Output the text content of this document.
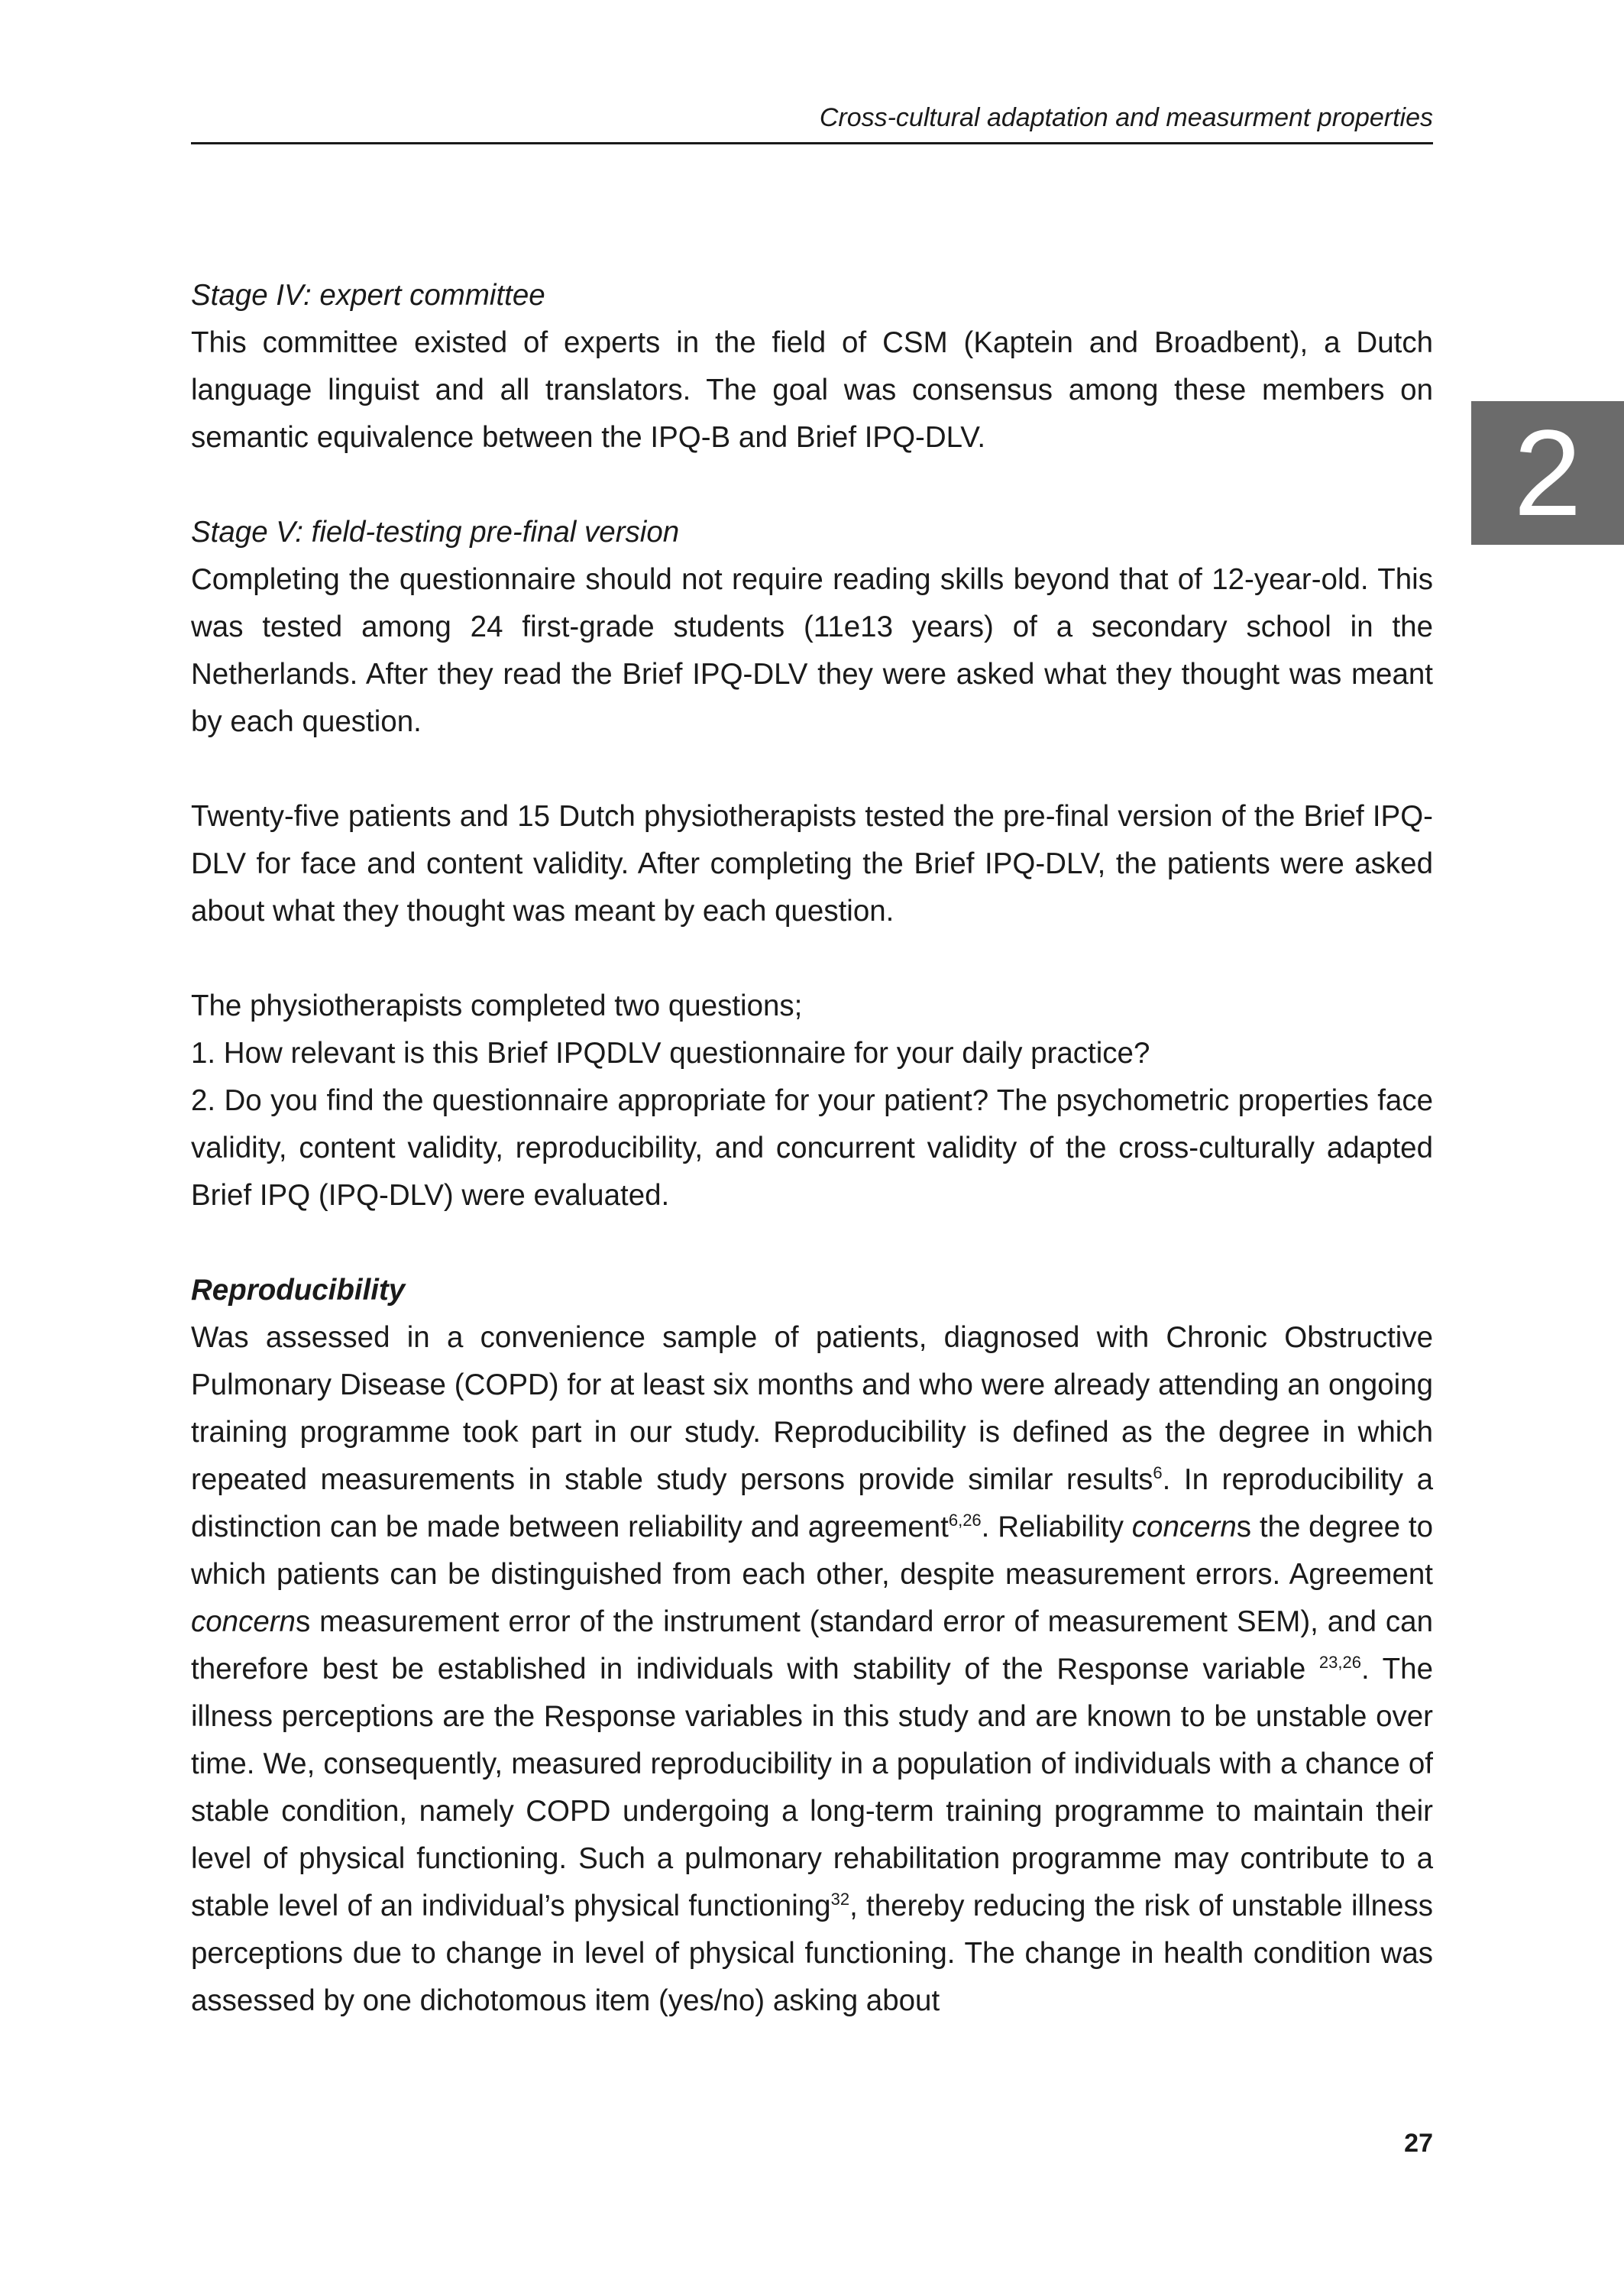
Cross-cultural adaptation and measurment properties
2

Stage IV: expert committee

This committee existed of experts in the field of CSM (Kaptein and Broadbent), a Dutch language linguist and all translators. The goal was consensus among these members on semantic equivalence between the IPQ-B and Brief IPQ-DLV.

Stage V: field-testing pre-final version

Completing the questionnaire should not require reading skills beyond that of 12-year-old. This was tested among 24 first-grade students (11e13 years) of a secondary school in the Netherlands. After they read the Brief IPQ-DLV they were asked what they thought was meant by each question.

Twenty-five patients and 15 Dutch physiotherapists tested the pre-final version of the Brief IPQ-DLV for face and content validity. After completing the Brief IPQ-DLV, the patients were asked about what they thought was meant by each question.

The physiotherapists completed two questions;

1. How relevant is this Brief IPQDLV questionnaire for your daily practice?

2. Do you find the questionnaire appropriate for your patient? The psychometric properties face validity, content validity, reproducibility, and concurrent validity of the cross-culturally adapted Brief IPQ (IPQ-DLV) were evaluated.

Reproducibility

Was assessed in a convenience sample of patients, diagnosed with Chronic Obstructive Pulmonary Disease (COPD) for at least six months and who were already attending an ongoing training programme took part in our study. Reproducibility is defined as the degree in which repeated measurements in stable study persons provide similar results$^6$. In reproducibility a distinction can be made between reliability and agreement$^{6,26}$. Reliability concerns the degree to which patients can be distinguished from each other, despite measurement errors. Agreement concerns measurement error of the instrument (standard error of measurement SEM), and can therefore best be established in individuals with stability of the Response variable $^{23,26}$. The illness perceptions are the Response variables in this study and are known to be unstable over time. We, consequently, measured reproducibility in a population of individuals with a chance of stable condition, namely COPD undergoing a long-term training programme to maintain their level of physical functioning. Such a pulmonary rehabilitation programme may contribute to a stable level of an individual’s physical functioning$^{32}$, thereby reducing the risk of unstable illness perceptions due to change in level of physical functioning. The change in health condition was assessed by one dichotomous item (yes/no) asking about

27
